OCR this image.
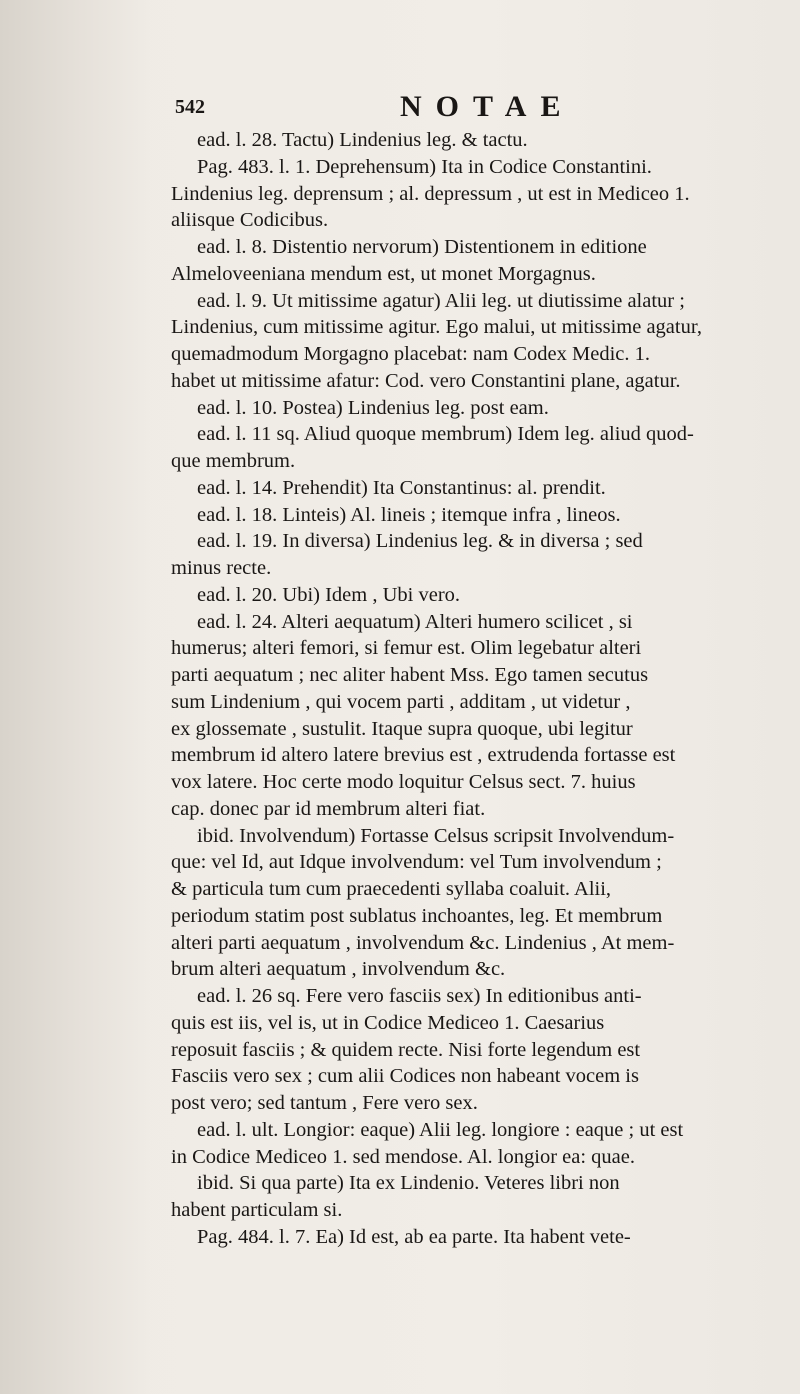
542	NOTAE
ead. l. 28. Tactu) Lindenius leg. & tactu.
Pag. 483. l. 1. Deprehensum) Ita in Codice Constantini.
Lindenius leg. deprensum ; al. depressum , ut est in Mediceo 1.
aliisque Codicibus.
ead. l. 8. Distentio nervorum) Distentionem in editione
Almeloveeniana mendum est, ut monet Morgagnus.
ead. l. 9. Ut mitissime agatur) Alii leg. ut diutissime alatur ;
Lindenius, cum mitissime agitur. Ego malui, ut mitissime agatur,
quemadmodum Morgagno placebat: nam Codex Medic. 1.
habet ut mitissime afatur: Cod. vero Constantini plane, agatur.
ead. l. 10. Postea) Lindenius leg. post eam.
ead. l. 11 sq. Aliud quoque membrum) Idem leg. aliud quod-
que membrum.
ead. l. 14. Prehendit) Ita Constantinus: al. prendit.
ead. l. 18. Linteis) Al. lineis ; itemque infra , lineos.
ead. l. 19. In diversa) Lindenius leg. & in diversa ; sed
minus recte.
ead. l. 20. Ubi) Idem , Ubi vero.
ead. l. 24. Alteri aequatum) Alteri humero scilicet , si
humerus; alteri femori, si femur est. Olim legebatur alteri
parti aequatum ; nec aliter habent Mss. Ego tamen secutus
sum Lindenium , qui vocem parti , additam , ut videtur ,
ex glossemate , sustulit. Itaque supra quoque, ubi legitur
membrum id altero latere brevius est , extrudenda fortasse est
vox latere. Hoc certe modo loquitur Celsus sect. 7. huius
cap. donec par id membrum alteri fiat.
ibid. Involvendum) Fortasse Celsus scripsit Involvendum-
que: vel Id, aut Idque involvendum: vel Tum involvendum ;
& particula tum cum praecedenti syllaba coaluit. Alii,
periodum statim post sublatus inchoantes, leg. Et membrum
alteri parti aequatum , involvendum &c. Lindenius , At mem-
brum alteri aequatum , involvendum &c.
ead. l. 26 sq. Fere vero fasciis sex) In editionibus anti-
quis est iis, vel is, ut in Codice Mediceo 1. Caesarius
reposuit fasciis ; & quidem recte. Nisi forte legendum est
Fasciis vero sex ; cum alii Codices non habeant vocem is
post vero; sed tantum , Fere vero sex.
ead. l. ult. Longior: eaque) Alii leg. longiore : eaque ; ut est
in Codice Mediceo 1. sed mendose. Al. longior ea: quae.
ibid. Si qua parte) Ita ex Lindenio. Veteres libri non
habent particulam si.
Pag. 484. l. 7. Ea) Id est, ab ea parte. Ita habent vete-
